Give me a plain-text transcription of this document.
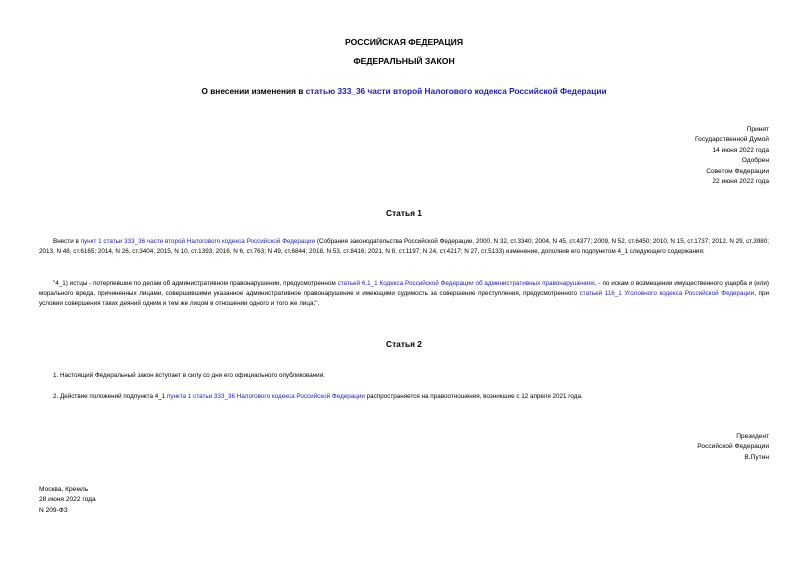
РОССИЙСКАЯ ФЕДЕРАЦИЯ
ФЕДЕРАЛЬНЫЙ ЗАКОН
О внесении изменения в статью 333_36 части второй Налогового кодекса Российской Федерации
Принят
Государственной Думой
14 июня 2022 года
Одобрен
Советом Федерации
22 июня 2022 года
Статья 1
Внести в пункт 1 статьи 333_36 части второй Налогового кодекса Российской Федерации (Собрание законодательства Российской Федерации, 2000, N 32, ст.3340; 2004, N 45, ст.4377; 2009, N 52, ст.6450; 2010, N 15, ст.1737; 2012, N 29, ст.3980; 2013, N 48, ст.6165; 2014, N 26, ст.3404; 2015, N 10, ст.1393; 2016, N 6, ст.763; N 49, ст.6844; 2018, N 53, ст.8416; 2021, N 8, ст.1197; N 24, ст.4217; N 27, ст.5133) изменение, дополнив его подпунктом 4_1 следующего содержания:
"4_1) истцы - потерпевшие по делам об административном правонарушении, предусмотренном статьей 6.1_1 Кодекса Российской Федерации об административных правонарушениях, - по искам о возмещении имущественного ущерба и (или) морального вреда, причиненных лицами, совершившими указанное административное правонарушение и имеющими судимость за совершение преступления, предусмотренного статьей 116_1 Уголовного кодекса Российской Федерации, при условии совершения таких деяний одним и тем же лицом в отношении одного и того же лица;".
Статья 2
1. Настоящий Федеральный закон вступает в силу со дня его официального опубликования.
2. Действие положений подпункта 4_1 пункта 1 статьи 333_36 Налогового кодекса Российской Федерации распространяется на правоотношения, возникшие с 12 апреля 2021 года.
Президент
Российской Федерации
В.Путин
Москва, Кремль
28 июня 2022 года
N 209-ФЗ
